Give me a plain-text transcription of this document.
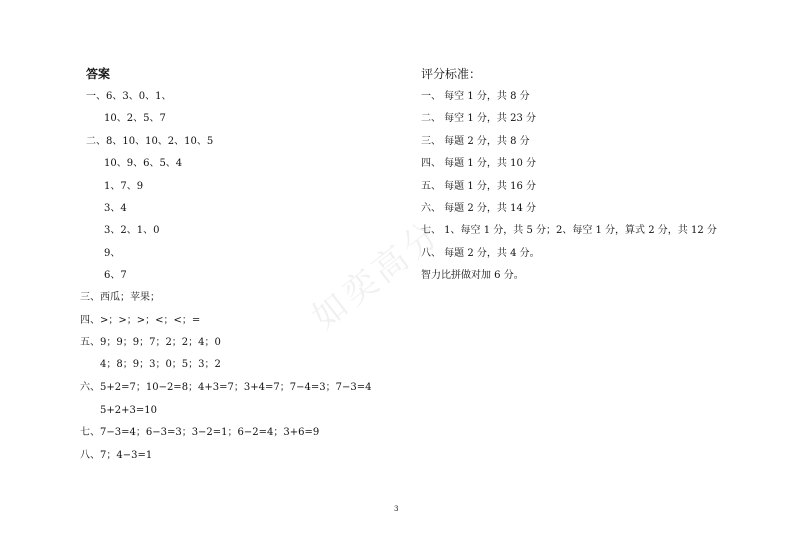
如奕高分
答案
一、6、3、0、1、
10、2、5、7
二、8、10、10、2、10、5
10、9、6、5、4
1、7、9
3、4
3、2、1、0
9、
6、7
三、西瓜；苹果；
四、>；>；>；<；<；=
五、9；9；9；7；2；2；4；0
4；8；9；3；0；5；3；2
六、5+2=7；10−2=8；4+3=7；3+4=7；7−4=3；7−3=4
5+2+3=10
七、7−3=4；6−3=3；3−2=1；6−2=4；3+6=9
八、7；4−3=1
评分标准：
一、 每空 1 分，共 8 分
二、 每空 1 分，共 23 分
三、 每题 2 分，共 8 分
四、 每题 1 分，共 10 分
五、 每题 1 分，共 16 分
六、 每题 2 分，共 14 分
七、 1、每空 1 分，共 5 分；2、每空 1 分，算式 2 分，共 12 分
八、 每题 2 分，共 4 分。
智力比拼做对加 6 分。
3
